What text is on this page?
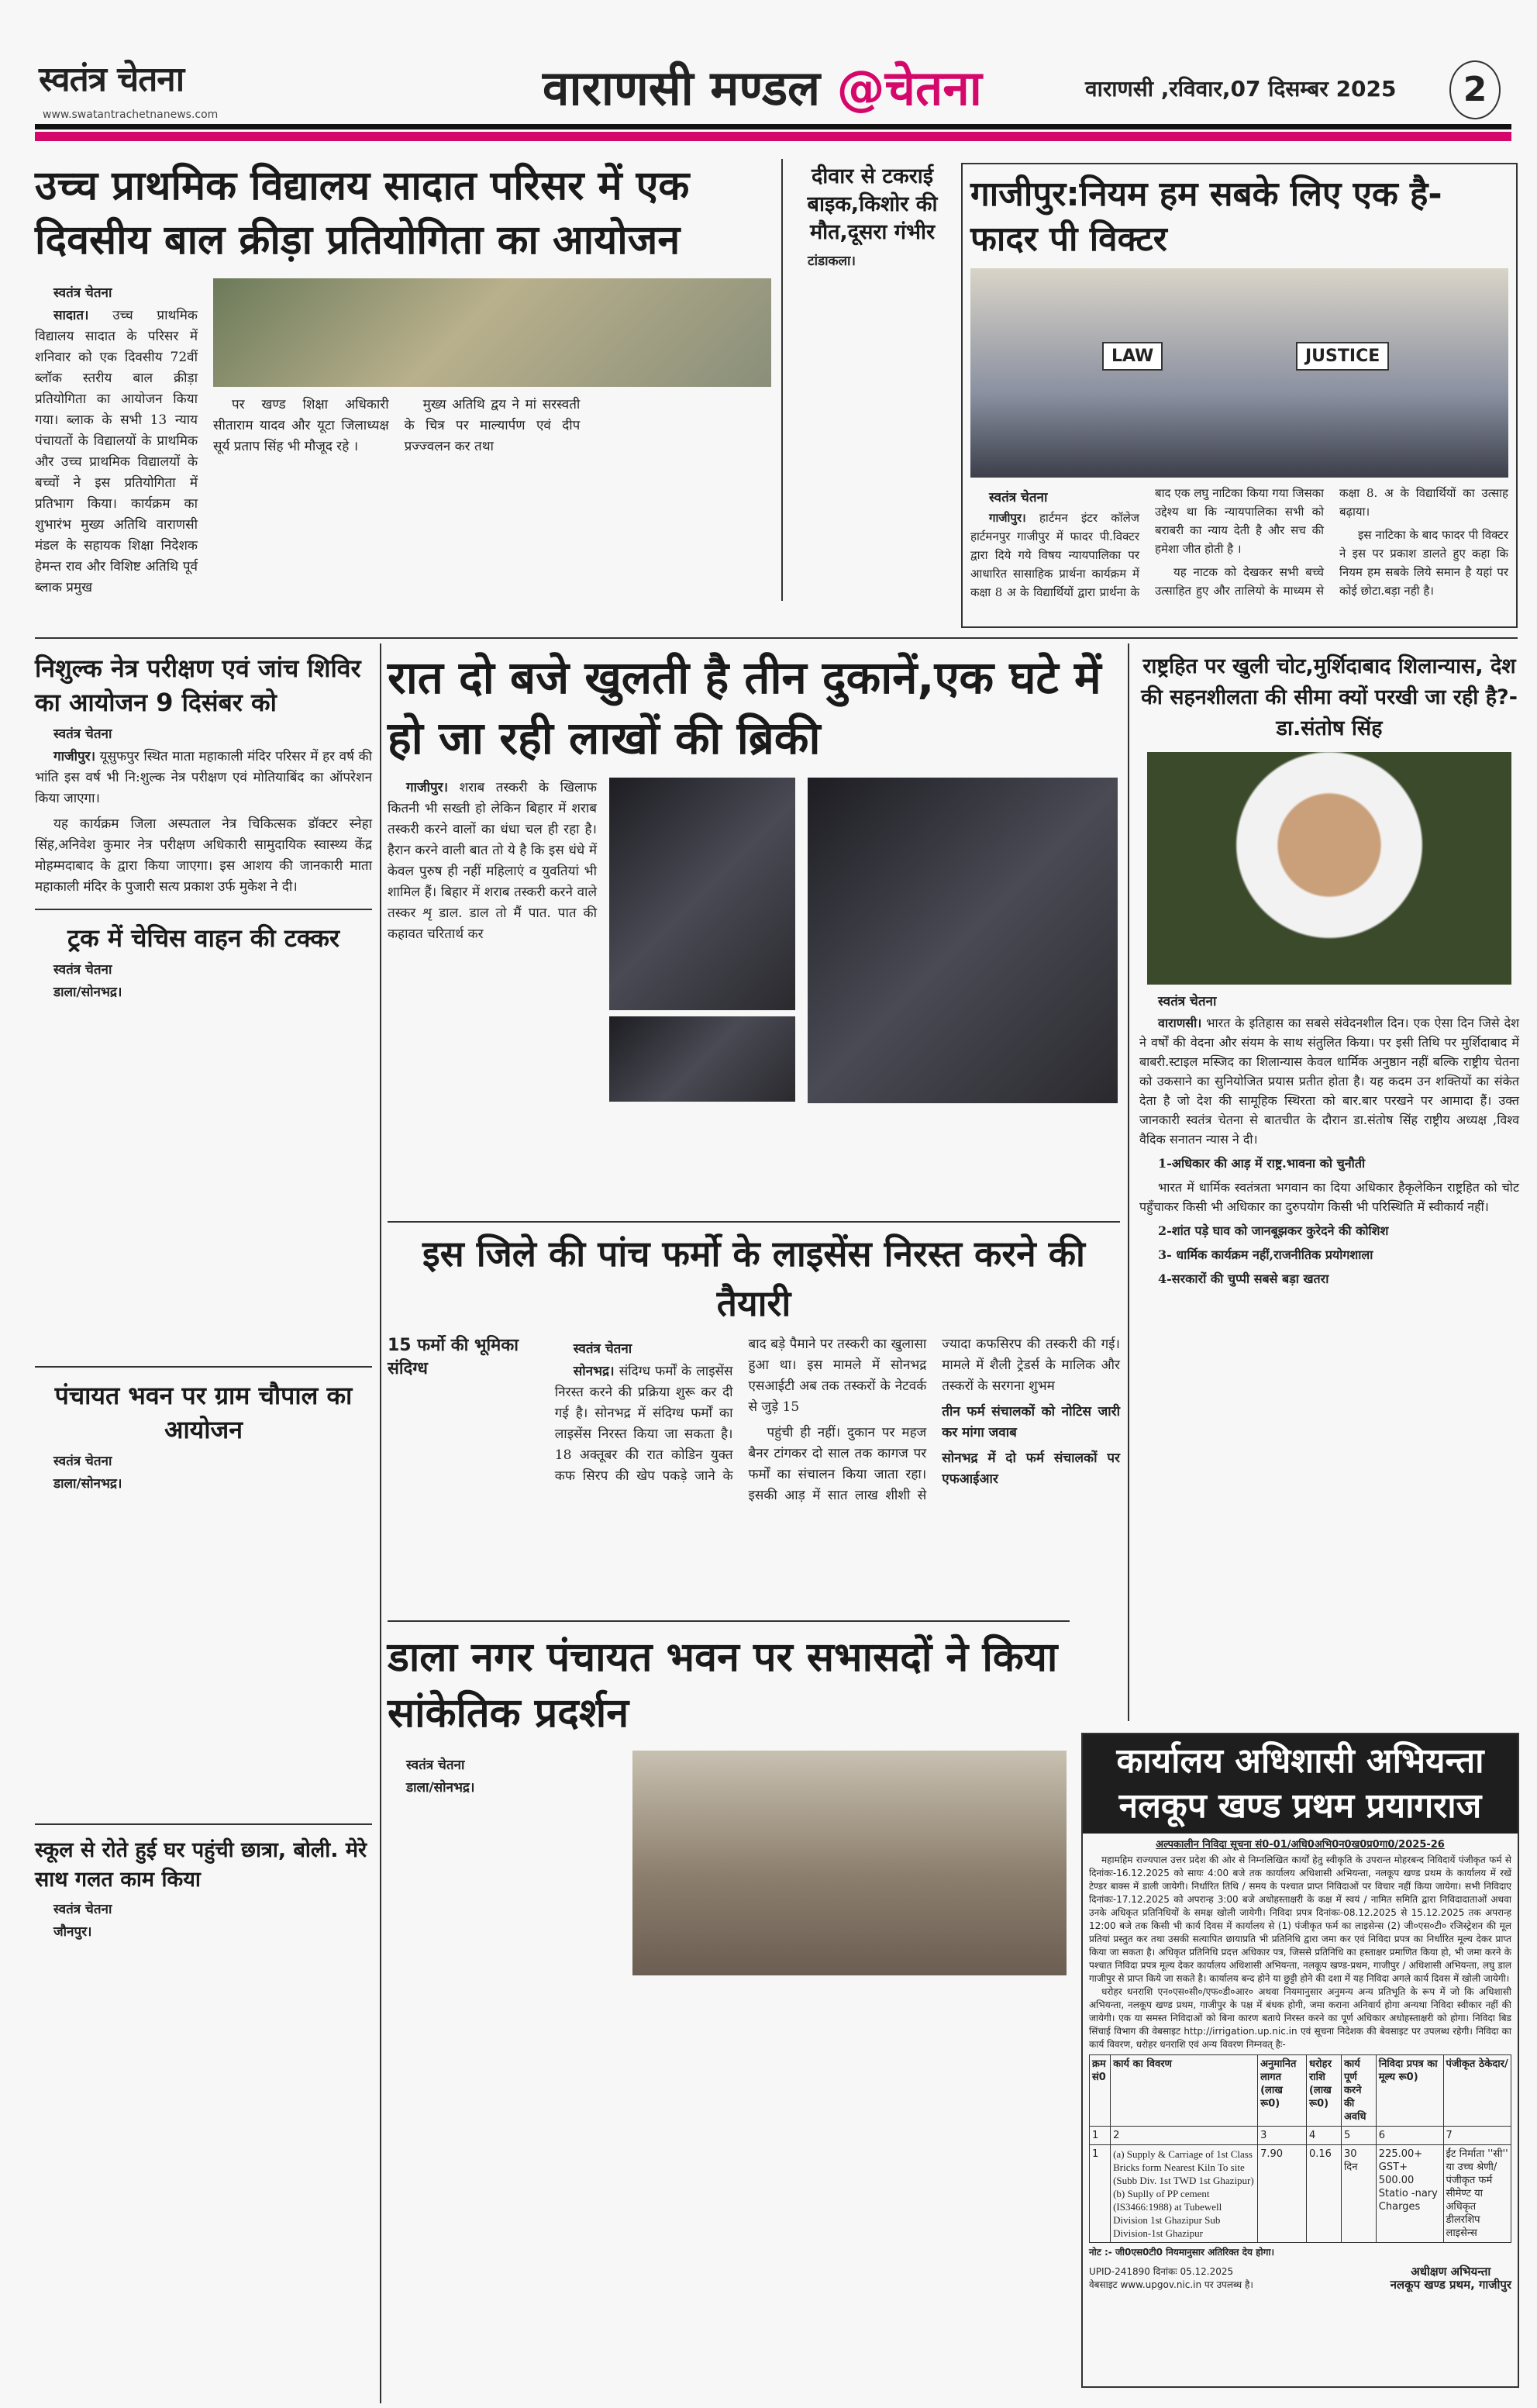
स्वतंत्र चेतना
www.swatantrachetnanews.com	वाराणसी मण्डल @चेतना	वाराणसी ,रविवार,07 दिसम्बर 2025	2
उच्च प्राथमिक विद्यालय सादात परिसर में एक दिवसीय बाल क्रीड़ा प्रतियोगिता का आयोजन
स्वतंत्र चेतना

सादात। उच्च प्राथमिक विद्यालय सादात के परिसर में शनिवार को एक दिवसीय 72वीं ब्लॉक स्तरीय बाल क्रीड़ा प्रतियोगिता का आयोजन किया गया। ब्लाक के सभी 13 न्याय पंचायतों के विद्यालयों के प्राथमिक और उच्च प्राथमिक विद्यालयों के बच्चों ने इस प्रतियोगिता में प्रतिभाग किया। कार्यक्रम का शुभारंभ मुख्य अतिथि वाराणसी मंडल के सहायक शिक्षा निदेशक हेमन्त राव और विशिष्ट अतिथि पूर्व ब्लाक प्रमुख

पर खण्ड शिक्षा अधिकारी सीताराम यादव और यूटा जिलाध्यक्ष सूर्य प्रताप सिंह भी मौजूद रहे ।

मुख्य अतिथि द्वय ने मां सरस्वती के चित्र पर माल्यार्पण एवं दीप प्रज्ज्वलन कर तथा

दीवार से टकराई बाइक,किशोर की मौत,दूसरा गंभीर

टांडाकला।

गाजीपुर:नियम हम सबके लिए एक है-फादर पी विक्टर
LAW	JUSTICE
स्वतंत्र चेतना

गाजीपुर। हार्टमन इंटर कॉलेज हार्टमनपुर गाजीपुर में फादर पी.विक्टर द्वारा दिये गये विषय न्यायपालिका पर आधारित सासाहिक प्रार्थना कार्यक्रम में कक्षा 8 अ के विद्यार्थियों द्वारा प्रार्थना के बाद एक लघु नाटिका किया गया जिसका उद्देश्य था कि न्यायपालिका सभी को बराबरी का न्याय देती है और सच की हमेशा जीत होती है ।

यह नाटक को देखकर सभी बच्चे उत्साहित हुए और तालियो के माध्यम से कक्षा 8. अ के विद्यार्थियों का उत्साह बढ़ाया।

इस नाटिका के बाद फादर पी विक्टर ने इस पर प्रकाश डालते हुए कहा कि नियम हम सबके लिये समान है यहां पर कोई छोटा.बड़ा नही है।

निशुल्क नेत्र परीक्षण एवं जांच शिविर का आयोजन 9 दिसंबर को
स्वतंत्र चेतना

गाजीपुर। यूसुफपुर स्थित माता महाकाली मंदिर परिसर में हर वर्ष की भांति इस वर्ष भी नि:शुल्क नेत्र परीक्षण एवं मोतियाबिंद का ऑपरेशन किया जाएगा।

यह कार्यक्रम जिला अस्पताल नेत्र चिकित्सक डॉक्टर स्नेहा सिंह,अनिवेश कुमार नेत्र परीक्षण अधिकारी सामुदायिक स्वास्थ्य केंद्र मोहम्मदाबाद के द्वारा किया जाएगा। इस आशय की जानकारी माता महाकाली मंदिर के पुजारी सत्य प्रकाश उर्फ मुकेश ने दी।

ट्रक में चेचिस वाहन की टक्कर
स्वतंत्र चेतना

डाला/सोनभद्र।

पंचायत भवन पर ग्राम चौपाल का आयोजन
स्वतंत्र चेतना

डाला/सोनभद्र।

स्कूल से रोते हुई घर पहुंची छात्रा, बोली. मेरे साथ गलत काम किया
स्वतंत्र चेतना

जौनपुर।

रात दो बजे खुलती है तीन दुकानें,एक घटे में हो जा रही लाखों की ब्रिकी

गाजीपुर। शराब तस्करी के खिलाफ कितनी भी सख्ती हो लेकिन बिहार में शराब तस्करी करने वालों का धंधा चल ही रहा है। हैरान करने वाली बात तो ये है कि इस धंधे में केवल पुरुष ही नहीं महिलाएं व युवतियां भी शामिल हैं। बिहार में शराब तस्करी करने वाले तस्कर शृ डाल. डाल तो मैं पात. पात की कहावत चरितार्थ कर

इस जिले की पांच फर्मो के लाइसेंस निरस्त करने की तैयारी
15 फर्मो की भूमिका संदिग्ध
स्वतंत्र चेतना

सोनभद्र। संदिग्ध फर्मों के लाइसेंस निरस्त करने की प्रक्रिया शुरू कर दी गई है। सोनभद्र में संदिग्ध फर्मों का लाइसेंस निरस्त किया जा सकता है। 18 अक्तूबर की रात कोडिन युक्त कफ सिरप की खेप पकड़े जाने के बाद बड़े पैमाने पर तस्करी का खुलासा हुआ था। इस मामले में सोनभद्र एसआईटी अब तक तस्करों के नेटवर्क से जुड़े 15

पहुंची ही नहीं। दुकान पर महज बैनर टांगकर दो साल तक कागज पर फर्मों का संचालन किया जाता रहा। इसकी आड़ में सात लाख शीशी से ज्यादा कफसिरप की तस्करी की गई। मामले में शैली ट्रेडर्स के मालिक और तस्करों के सरगना शुभम

तीन फर्म संचालकों को नोटिस जारी कर मांगा जवाब

सोनभद्र में दो फर्म संचालकों पर एफआईआर

डाला नगर पंचायत भवन पर सभासदों ने किया सांकेतिक प्रदर्शन
स्वतंत्र चेतना

डाला/सोनभद्र।

राष्ट्रहित पर खुली चोट,मुर्शिदाबाद शिलान्यास, देश की सहनशीलता की सीमा क्यों परखी जा रही है?-डा.संतोष सिंह
स्वतंत्र चेतना

वाराणसी। भारत के इतिहास का सबसे संवेदनशील दिन। एक ऐसा दिन जिसे देश ने वर्षों की वेदना और संयम के साथ संतुलित किया। पर इसी तिथि पर मुर्शिदाबाद में बाबरी.स्टाइल मस्जिद का शिलान्यास केवल धार्मिक अनुष्ठान नहीं बल्कि राष्ट्रीय चेतना को उकसाने का सुनियोजित प्रयास प्रतीत होता है। यह कदम उन शक्तियों का संकेत देता है जो देश की सामूहिक स्थिरता को बार.बार परखने पर आमादा हैं। उक्त जानकारी स्वतंत्र चेतना से बातचीत के दौरान डा.संतोष सिंह राष्ट्रीय अध्यक्ष ,विश्व वैदिक सनातन न्यास ने दी।

1-अधिकार की आड़ में राष्ट्र.भावना को चुनौती

भारत में धार्मिक स्वतंत्रता भगवान का दिया अधिकार हैकृलेकिन राष्ट्रहित को चोट पहुँचाकर किसी भी अधिकार का दुरुपयोग किसी भी परिस्थिति में स्वीकार्य नहीं।

2-शांत पड़े घाव को जानबूझकर कुरेदने की कोशिश

3- धार्मिक कार्यक्रम नहीं,राजनीतिक प्रयोगशाला

4-सरकारों की चुप्पी सबसे बड़ा खतरा

कार्यालय अधिशासी अभियन्ता
नलकूप खण्ड प्रथम प्रयागराज
अल्पकालीन निविदा सूचना सं0-01/अधि0अभि0न0ख0प्र0गा0/2025-26

महामहिम राज्यपाल उत्तर प्रदेश की ओर से निम्नलिखित कार्यों हेतु स्वीकृति के उपरान्त मोहरबन्द निविदायें पंजीकृत फर्म से दिनांकः-16.12.2025 को सायः 4:00 बजे तक कार्यालय अधिशासी अभियन्ता, नलकूप खण्ड प्रथम के कार्यालय में रखें टेण्डर बाक्स में डाली जायेगी। निर्धारित तिथि / समय के पश्चात प्राप्त निविदाओं पर विचार नहीं किया जायेगा। सभी निविदाए दिनांकः-17.12.2025 को अपरान्ह 3:00 बजे अधोहस्ताक्षरी के कक्ष में स्वयं / नामित समिति द्वारा निविदादाताओं अथवा उनके अधिकृत प्रतिनिधियों के समक्ष खोली जायेगी। निविदा प्रपत्र दिनांकः-08.12.2025 से 15.12.2025 तक अपरान्ह 12:00 बजे तक किसी भी कार्य दिवस में कार्यालय से (1) पंजीकृत फर्म का लाइसेन्स (2) जी०एस०टी० रजिस्ट्रेशन की मूल प्रतियां प्रस्तुत कर तथा उसकी सत्यापित छायाप्रति भी प्रतिनिधि द्वारा जमा कर एवं निविदा प्रपत्र का निर्धारित मूल्य देकर प्राप्त किया जा सकता है। अधिकृत प्रतिनिधि प्रदत्त अधिकार पत्र, जिससे प्रतिनिधि का हस्ताक्षर प्रमाणित किया हो, भी जमा करने के पश्चात निविदा प्रपत्र मूल्य देकर कार्यालय अधिशासी अभियन्ता, नलकूप खण्ड-प्रथम, गाजीपुर / अधिशासी अभियन्ता, लघु डाल गाजीपुर से प्राप्त किये जा सकते है। कार्यालय बन्द होने या छुट्टी होने की दशा में यह निविदा अगले कार्य दिवस में खोली जायेगी।

धरोहर धनराशि एन०एस०सी०/एफ०डी०आर० अथवा नियमानुसार अनुमन्य अन्य प्रतिभूति के रूप में जो कि अधिशासी अभियन्ता, नलकूप खण्ड प्रथम, गाजीपुर के पक्ष में बंधक होगी, जमा कराना अनिवार्य होगा अन्यथा निविदा स्वीकार नहीं की जायेगी। एक या समस्त निविदाओं को बिना कारण बताये निरस्त करने का पूर्ण अधिकार अधोहस्ताक्षरी को होगा। निविदा बिड सिंचाई विभाग की वेबसाइट http://irrigation.up.nic.in एवं सूचना निदेशक की बेवसाइट पर उपलब्ध रहेगी। निविदा का कार्य विवरण, धरोहर धनराशि एवं अन्य विवरण निम्नवत् हैः-

क्रम सं0	कार्य का विवरण	अनुमानित लागत (लाख रू0)	धरोहर राशि (लाख रू0)	कार्य पूर्ण करने की अवधि	निविदा प्रपत्र का मूल्य रू0)	पंजीकृत ठेकेदार/
1	2	3	4	5	6	7
1	(a) Supply & Carriage of 1st Class Bricks form Nearest Kiln To site (Subb Div. 1st TWD 1st Ghazipur) (b) Suplly of PP cement (IS3466:1988) at Tubewell Division 1st Ghazipur Sub Division-1st Ghazipur	7.90	0.16	30 दिन	225.00+ GST+ 500.00 Statio -nary Charges	ईंट निर्माता ''सी'' या उच्च श्रेणी/ पंजीकृत फर्म सीमेण्ट या अधिकृत डीलरशिप लाइसेन्स
नोट :- जी0एस0टी0 नियमानुसार अतिरिक्त देय होगा।
UPID-241890 दिनांकः 05.12.2025
वेबसाइट www.upgov.nic.in पर उपलब्ध है।
अधीक्षण अभियन्ता
नलकूप खण्ड प्रथम, गाजीपुर
